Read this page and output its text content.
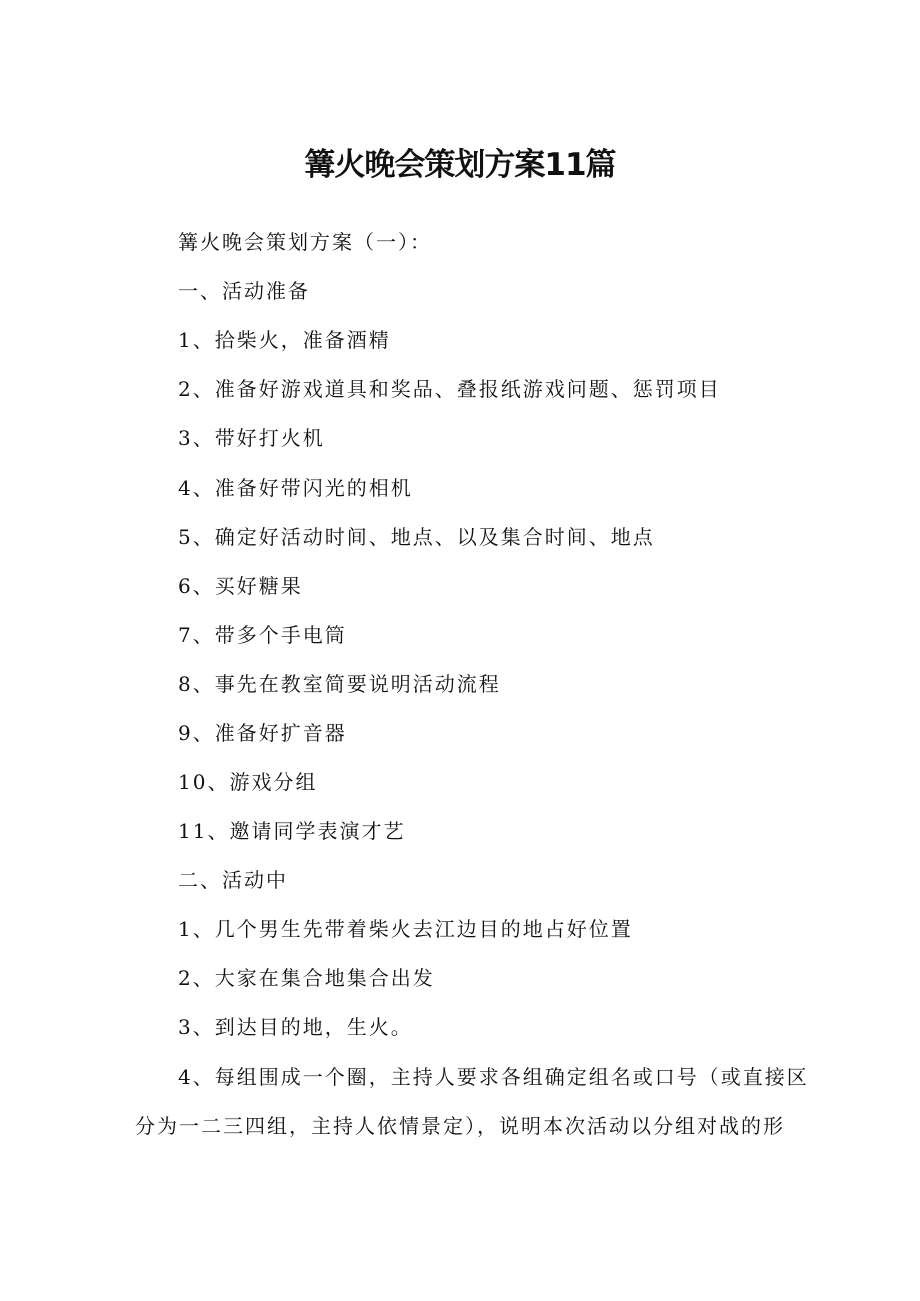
篝火晚会策划方案11篇

篝火晚会策划方案（一）：

一、活动准备

1、拾柴火，准备酒精

2、准备好游戏道具和奖品、叠报纸游戏问题、惩罚项目

3、带好打火机

4、准备好带闪光的相机

5、确定好活动时间、地点、以及集合时间、地点

6、买好糖果

7、带多个手电筒

8、事先在教室简要说明活动流程

9、准备好扩音器

10、游戏分组

11、邀请同学表演才艺

二、活动中

1、几个男生先带着柴火去江边目的地占好位置

2、大家在集合地集合出发

3、到达目的地，生火。

4、每组围成一个圈，主持人要求各组确定组名或口号（或直接区

分为一二三四组，主持人依情景定），说明本次活动以分组对战的形
